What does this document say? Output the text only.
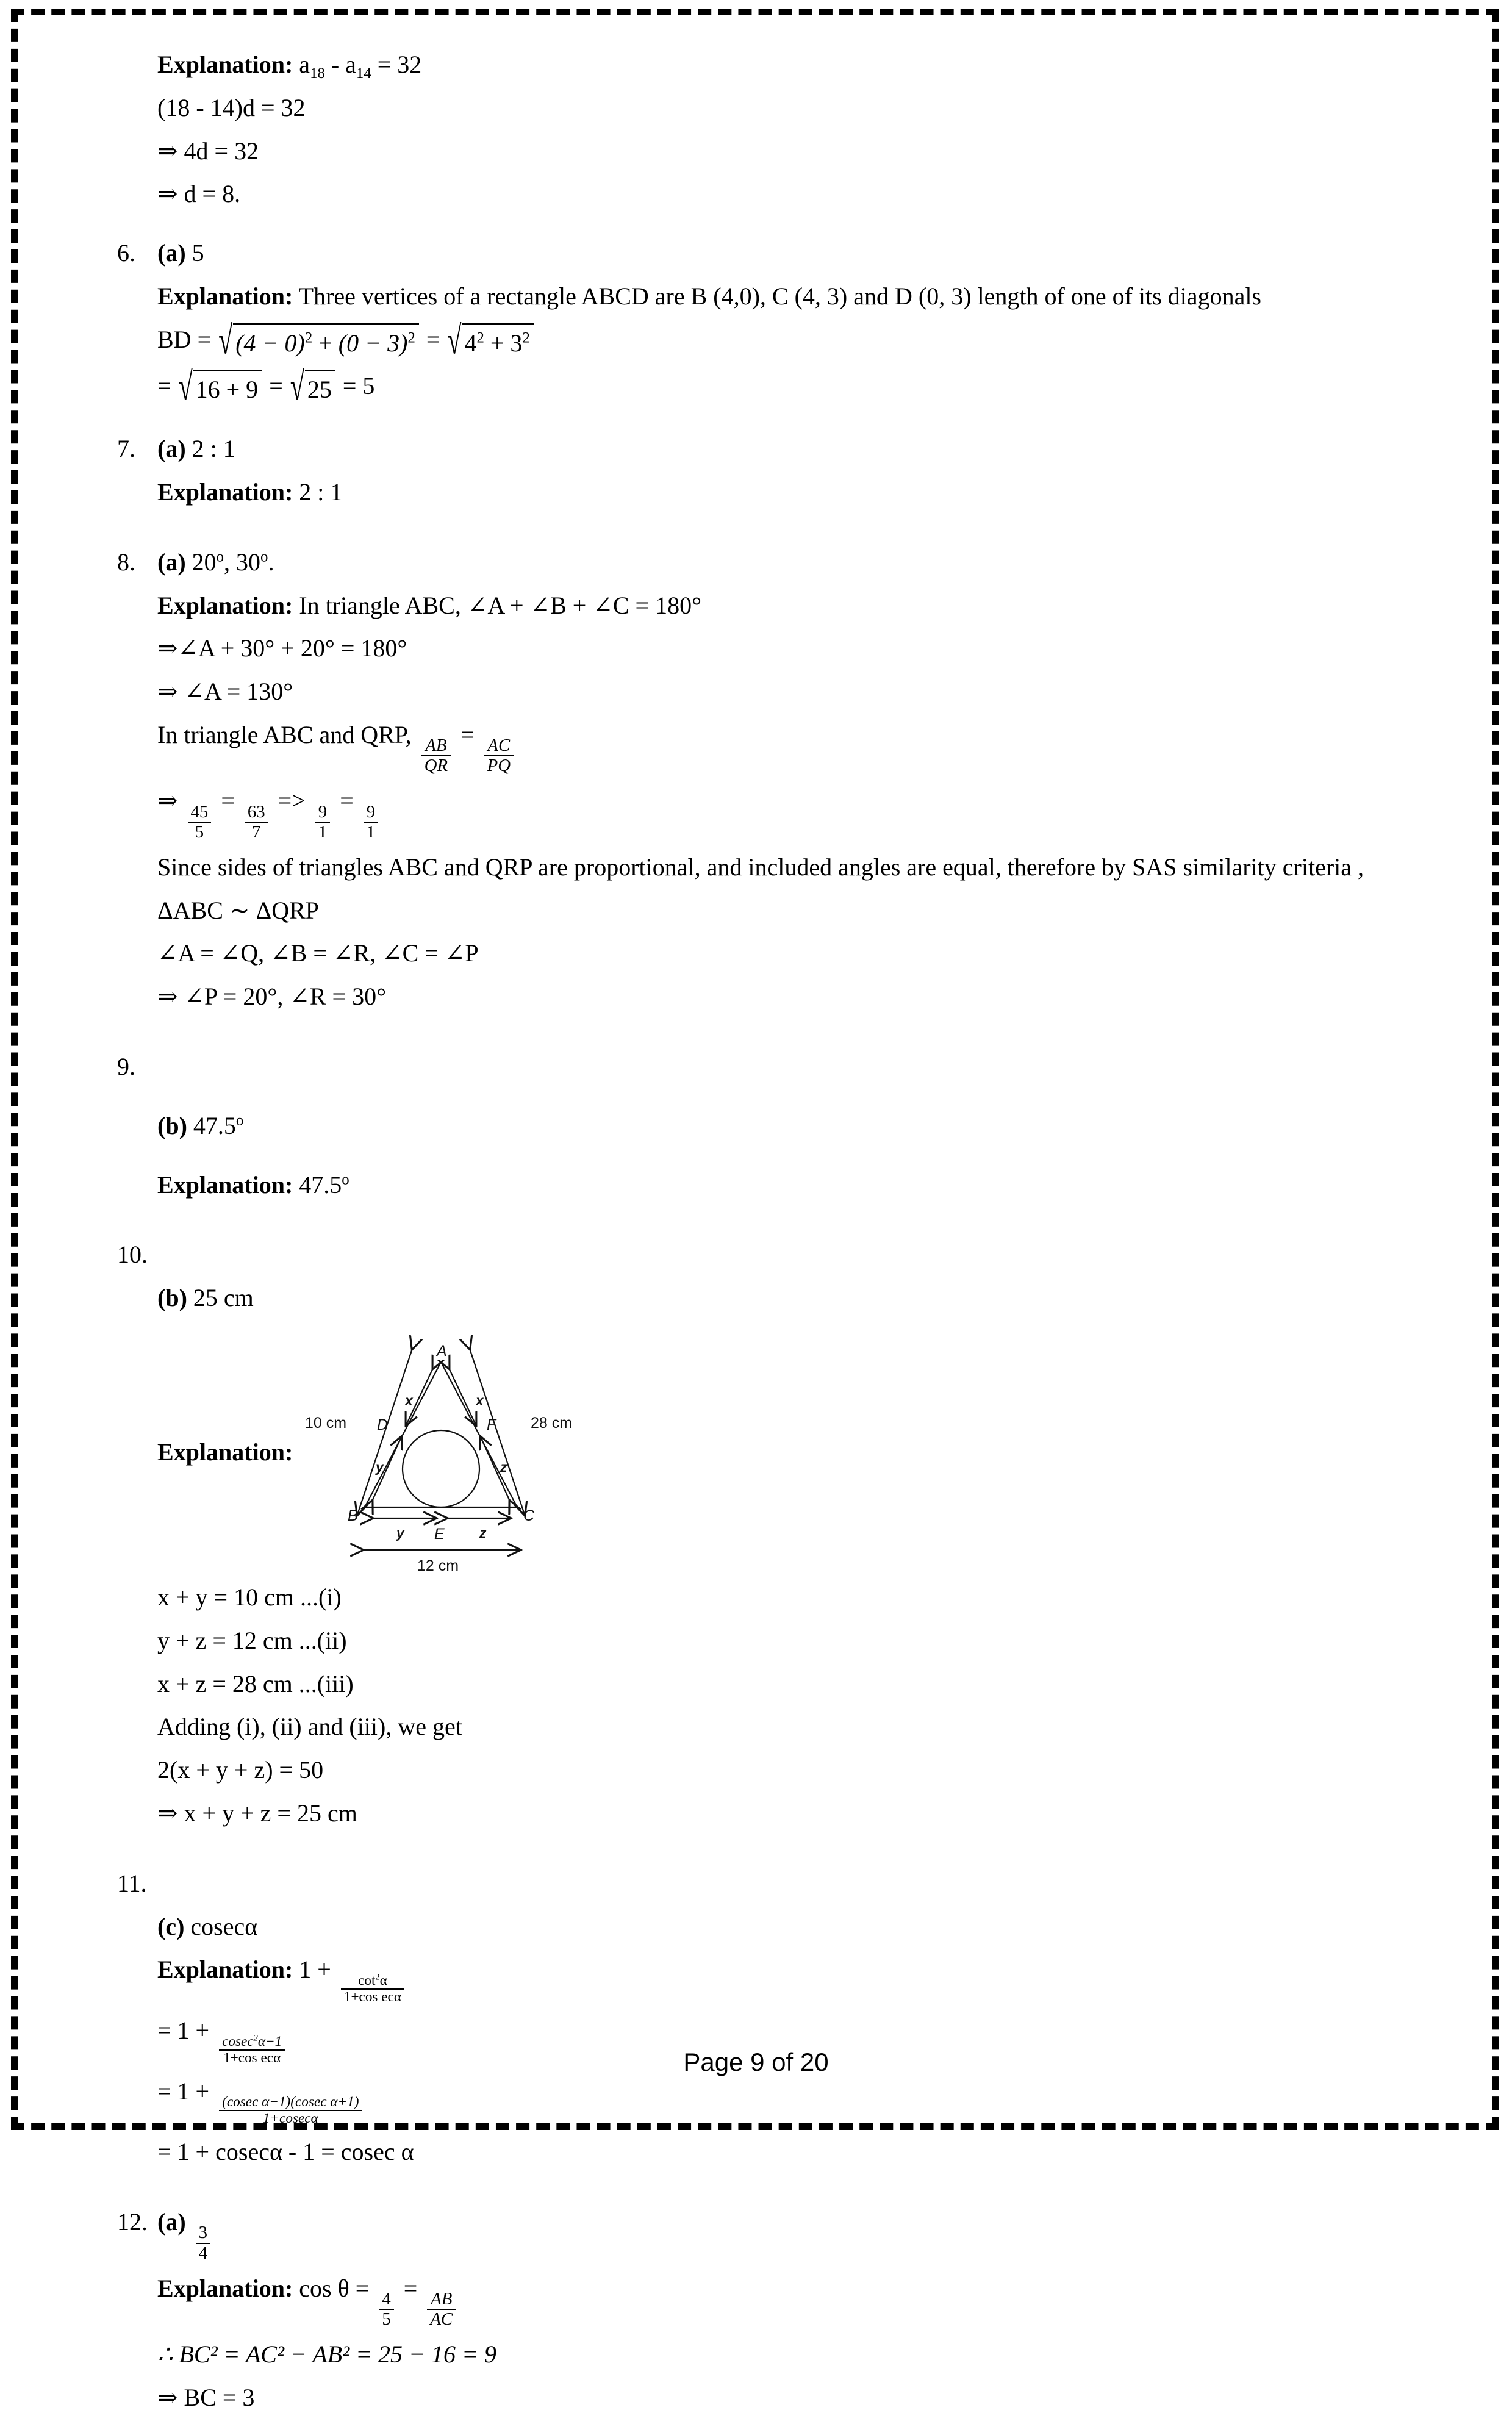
Explanation: $a_{18} - a_{14} = 32$
(18 - 14)d = 32
⇒ 4d = 32
⇒ d = 8.
6. (a) 5
Explanation: Three vertices of a rectangle ABCD are B (4,0), C (4, 3) and D (0, 3) length of one of its diagonals
BD = √ $(4 - 0)^2 + (0 - 3)^2$ = √ $4^2 + 3^2$
= √ 16 + 9 = √ 25 = 5
7. (a) 2 : 1
Explanation: 2 : 1
8. (a) 20$^o$, 30$^o$.
Explanation: In triangle ABC, ∠A + ∠B + ∠C = 180°
⇒∠A + 30° + 20° = 180°
⇒ ∠A = 130°
In triangle ABC and QRP,
$\frac{AB}{QR}$
=
$\frac{AC}{PQ}$
⇒
$\frac{45}{5}$
=
$\frac{63}{7}$
=>
$\frac{9}{1}$
=
$\frac{9}{1}$
Since sides of triangles ABC and QRP are proportional, and included angles are equal, therefore by SAS similarity criteria ,
ΔABC ∼ ΔQRP
∠A = ∠Q, ∠B = ∠R, ∠C = ∠P
⇒ ∠P = 20°, ∠R = 30°
9.

(b) 47.5$^o$
Explanation: 47.5$^o$
10.

(b) 25 cm
Explanation:
A
B	C
D
E
F
x	x
y	z
y	z
10 cm	28 cm
12 cm
x + y = 10 cm ...(i)
y + z = 12 cm ...(ii)
x + z = 28 cm ...(iii)
Adding (i), (ii) and (iii), we get
2(x + y + z) = 50
⇒ x + y + z = 25 cm
11.

(c) cosecα
Explanation: 1 +
$\frac{\cot^2\alpha}{\text{1+cos ecα}}$
= 1 +
$\frac{cosec^2\alpha-1}{\text{1+cos ecα}}$
= 1 +
$\frac{\text{(cosec α−1)(cosec α+1)}}{1+cosec\alpha}$
= 1 + cosecα - 1 = cosec α
12. (a)
$\frac{3}{4}$
Explanation: cos θ =
$\frac{4}{5}$
=
$\frac{AB}{AC}$
∴ BC² = AC² − AB² = 25 − 16 = 9
⇒ BC = 3
Page 9 of 20
